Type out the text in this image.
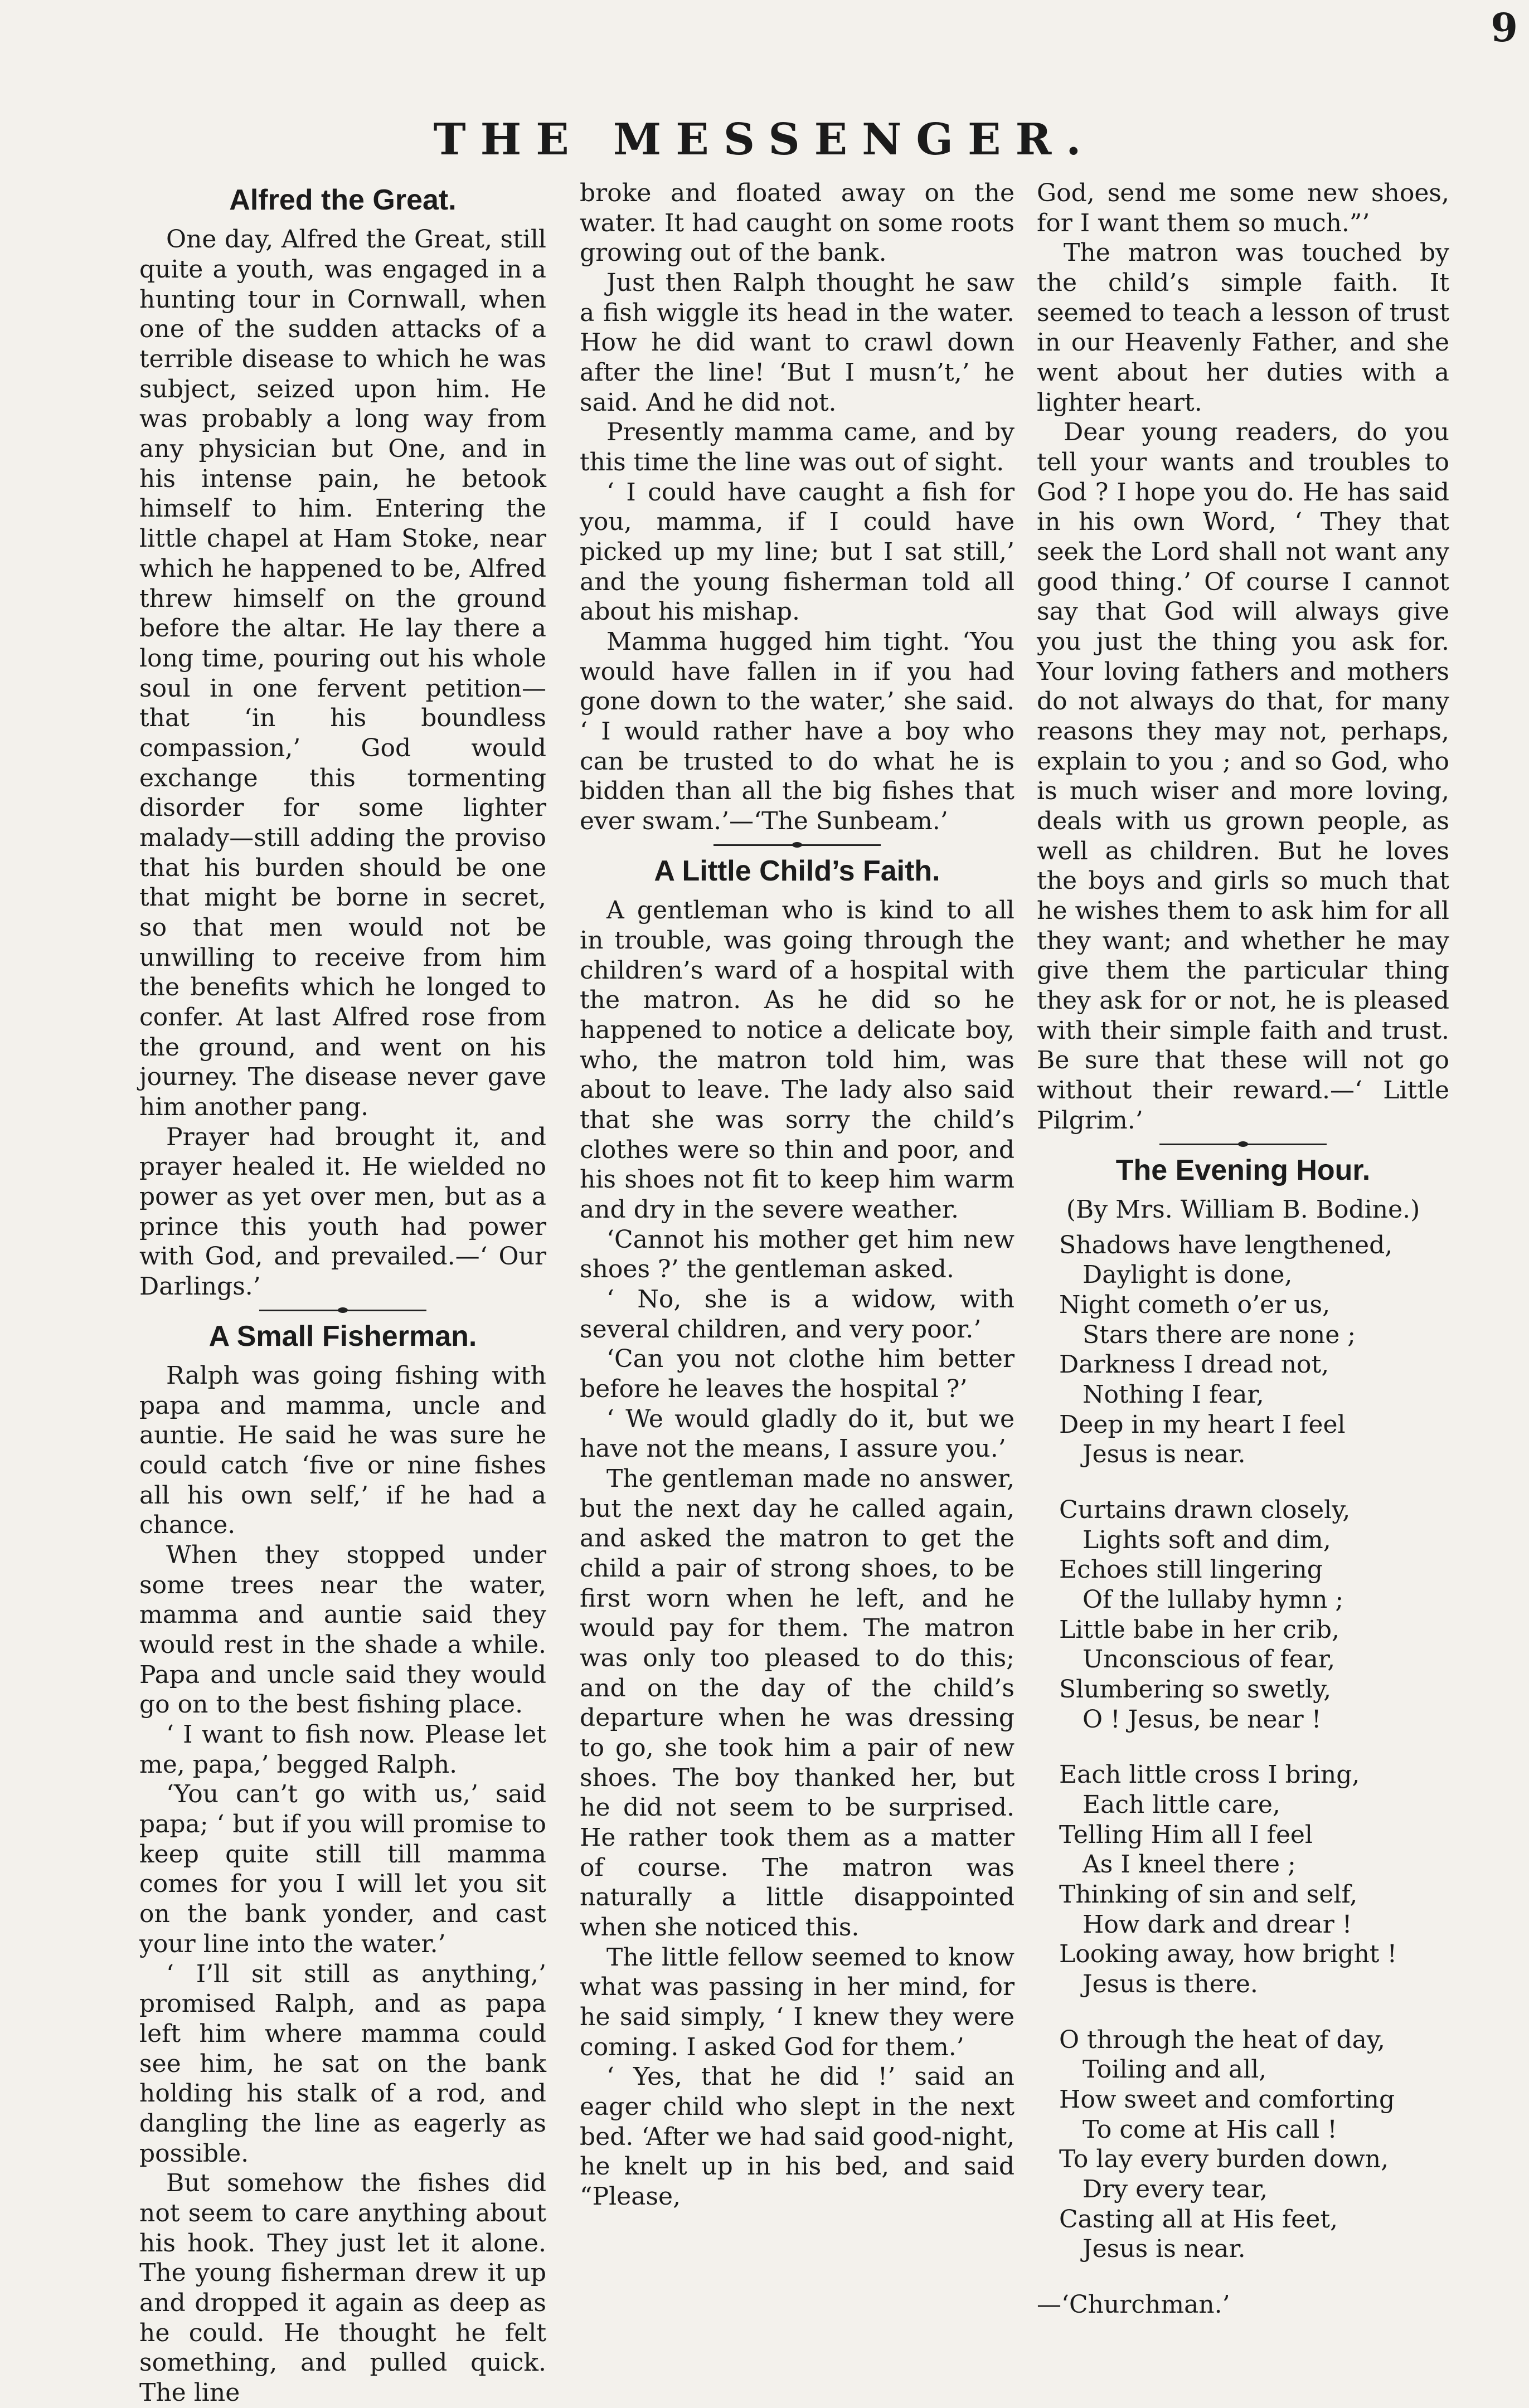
9
THE MESSENGER.
Alfred the Great.

One day, Alfred the Great, still quite a youth, was engaged in a hunting tour in Cornwall, when one of the sudden attacks of a terrible disease to which he was subject, seized upon him. He was probably a long way from any physician but One, and in his intense pain, he betook himself to him. Entering the little chapel at Ham Stoke, near which he happened to be, Alfred threw himself on the ground before the altar. He lay there a long time, pouring out his whole soul in one fervent petition—that ‘in his boundless compassion,’ God would exchange this tormenting disorder for some lighter malady—still adding the proviso that his burden should be one that might be borne in secret, so that men would not be unwilling to receive from him the benefits which he longed to confer. At last Alfred rose from the ground, and went on his journey. The disease never gave him another pang.

Prayer had brought it, and prayer healed it. He wielded no power as yet over men, but as a prince this youth had power with God, and prevailed.—‘ Our Darlings.’

A Small Fisherman.

Ralph was going fishing with papa and mamma, uncle and auntie. He said he was sure he could catch ‘five or nine fishes all his own self,’ if he had a chance.

When they stopped under some trees near the water, mamma and auntie said they would rest in the shade a while. Papa and uncle said they would go on to the best fishing place.

‘ I want to fish now. Please let me, papa,’ begged Ralph.

‘You can’t go with us,’ said papa; ‘ but if you will promise to keep quite still till mamma comes for you I will let you sit on the bank yonder, and cast your line into the water.’

‘ I’ll sit still as anything,’ promised Ralph, and as papa left him where mamma could see him, he sat on the bank holding his stalk of a rod, and dangling the line as eagerly as possible.

But somehow the fishes did not seem to care anything about his hook. They just let it alone. The young fisherman drew it up and dropped it again as deep as he could. He thought he felt something, and pulled quick. The line

broke and floated away on the water. It had caught on some roots growing out of the bank.

Just then Ralph thought he saw a fish wiggle its head in the water. How he did want to crawl down after the line! ‘But I musn’t,’ he said. And he did not.

Presently mamma came, and by this time the line was out of sight.

‘ I could have caught a fish for you, mamma, if I could have picked up my line; but I sat still,’ and the young fisherman told all about his mishap.

Mamma hugged him tight. ‘You would have fallen in if you had gone down to the water,’ she said. ‘ I would rather have a boy who can be trusted to do what he is bidden than all the big fishes that ever swam.’—‘The Sunbeam.’

A Little Child’s Faith.

A gentleman who is kind to all in trouble, was going through the children’s ward of a hospital with the matron. As he did so he happened to notice a delicate boy, who, the matron told him, was about to leave. The lady also said that she was sorry the child’s clothes were so thin and poor, and his shoes not fit to keep him warm and dry in the severe weather.

‘Cannot his mother get him new shoes ?’ the gentleman asked.

‘ No, she is a widow, with several children, and very poor.’

‘Can you not clothe him better before he leaves the hospital ?’

‘ We would gladly do it, but we have not the means, I assure you.’

The gentleman made no answer, but the next day he called again, and asked the matron to get the child a pair of strong shoes, to be first worn when he left, and he would pay for them. The matron was only too pleased to do this; and on the day of the child’s departure when he was dressing to go, she took him a pair of new shoes. The boy thanked her, but he did not seem to be surprised. He rather took them as a matter of course. The matron was naturally a little disappointed when she noticed this.

The little fellow seemed to know what was passing in her mind, for he said simply, ‘ I knew they were coming. I asked God for them.’

‘ Yes, that he did !’ said an eager child who slept in the next bed. ‘After we had said good-night, he knelt up in his bed, and said “Please,

God, send me some new shoes, for I want them so much.”’

The matron was touched by the child’s simple faith. It seemed to teach a lesson of trust in our Heavenly Father, and she went about her duties with a lighter heart.

Dear young readers, do you tell your wants and troubles to God ? I hope you do. He has said in his own Word, ‘ They that seek the Lord shall not want any good thing.’ Of course I cannot say that God will always give you just the thing you ask for. Your loving fathers and mothers do not always do that, for many reasons they may not, perhaps, explain to you ; and so God, who is much wiser and more loving, deals with us grown people, as well as children. But he loves the boys and girls so much that he wishes them to ask him for all they want; and whether he may give them the particular thing they ask for or not, he is pleased with their simple faith and trust. Be sure that these will not go without their reward.—‘ Little Pilgrim.’

The Evening Hour.

(By Mrs. William B. Bodine.)

Shadows have lengthened,
Daylight is done,
Night cometh o’er us,
Stars there are none ;
Darkness I dread not,
Nothing I fear,
Deep in my heart I feel
Jesus is near.
Curtains drawn closely,
Lights soft and dim,
Echoes still lingering
Of the lullaby hymn ;
Little babe in her crib,
Unconscious of fear,
Slumbering so swetly,
O ! Jesus, be near !
Each little cross I bring,
Each little care,
Telling Him all I feel
As I kneel there ;
Thinking of sin and self,
How dark and drear !
Looking away, how bright !
Jesus is there.
O through the heat of day,
Toiling and all,
How sweet and comforting
To come at His call !
To lay every burden down,
Dry every tear,
Casting all at His feet,
Jesus is near.

—‘Churchman.’
